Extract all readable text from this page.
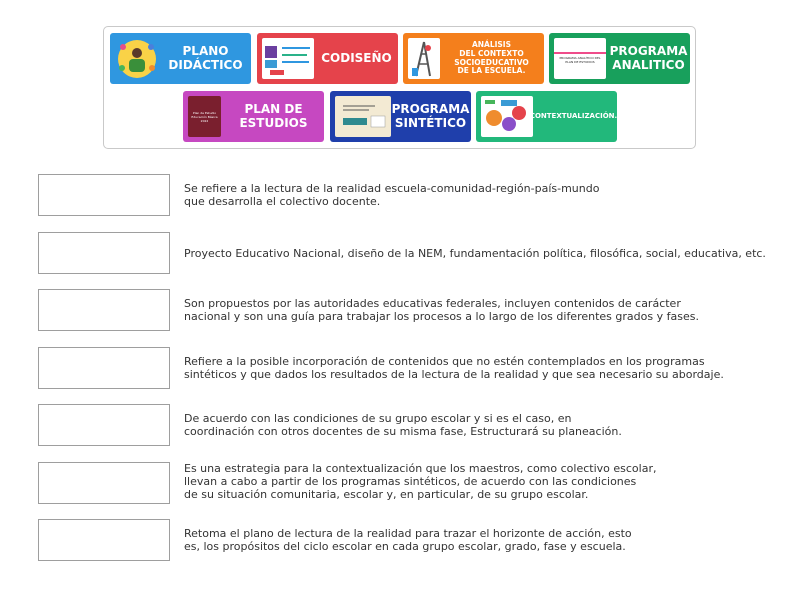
PLANO
DIDÁCTICO	CODISEÑO
ANÁLISIS
DEL CONTEXTO
SOCIOEDUCATIVO
DE LA ESCUELA.
PROGRAMA ANALÍTICO DEL PLAN DE ESTUDIOS
PROGRAMA
ANALITICO
Plan de Estudio Educación Básica 2022
PLAN DE
ESTUDIOS
PROGRAMA
SINTÉTICO	CONTEXTUALIZACIÓN.
Se refiere a la lectura de la realidad escuela-comunidad-región-país-mundo
que desarrolla el colectivo docente.
Proyecto Educativo Nacional, diseño de la NEM, fundamentación política, filosófica, social, educativa, etc.
Son propuestos por las autoridades educativas federales, incluyen contenidos de carácter
nacional y son una guía para trabajar los procesos a lo largo de los diferentes grados y fases.
Refiere a la posible incorporación de contenidos que no estén contemplados en los programas
sintéticos y que dados los resultados de la lectura de la realidad y que sea necesario su abordaje.
De acuerdo con las condiciones de su grupo escolar y si es el caso, en
coordinación con otros docentes de su misma fase, Estructurará su planeación.
Es una estrategia para la contextualización que los maestros, como colectivo escolar,
llevan a cabo a partir de los programas sintéticos, de acuerdo con las condiciones
de su situación comunitaria, escolar y, en particular, de su grupo escolar.
Retoma el plano de lectura de la realidad para trazar el horizonte de acción, esto
es, los propósitos del ciclo escolar en cada grupo escolar, grado, fase y escuela.
